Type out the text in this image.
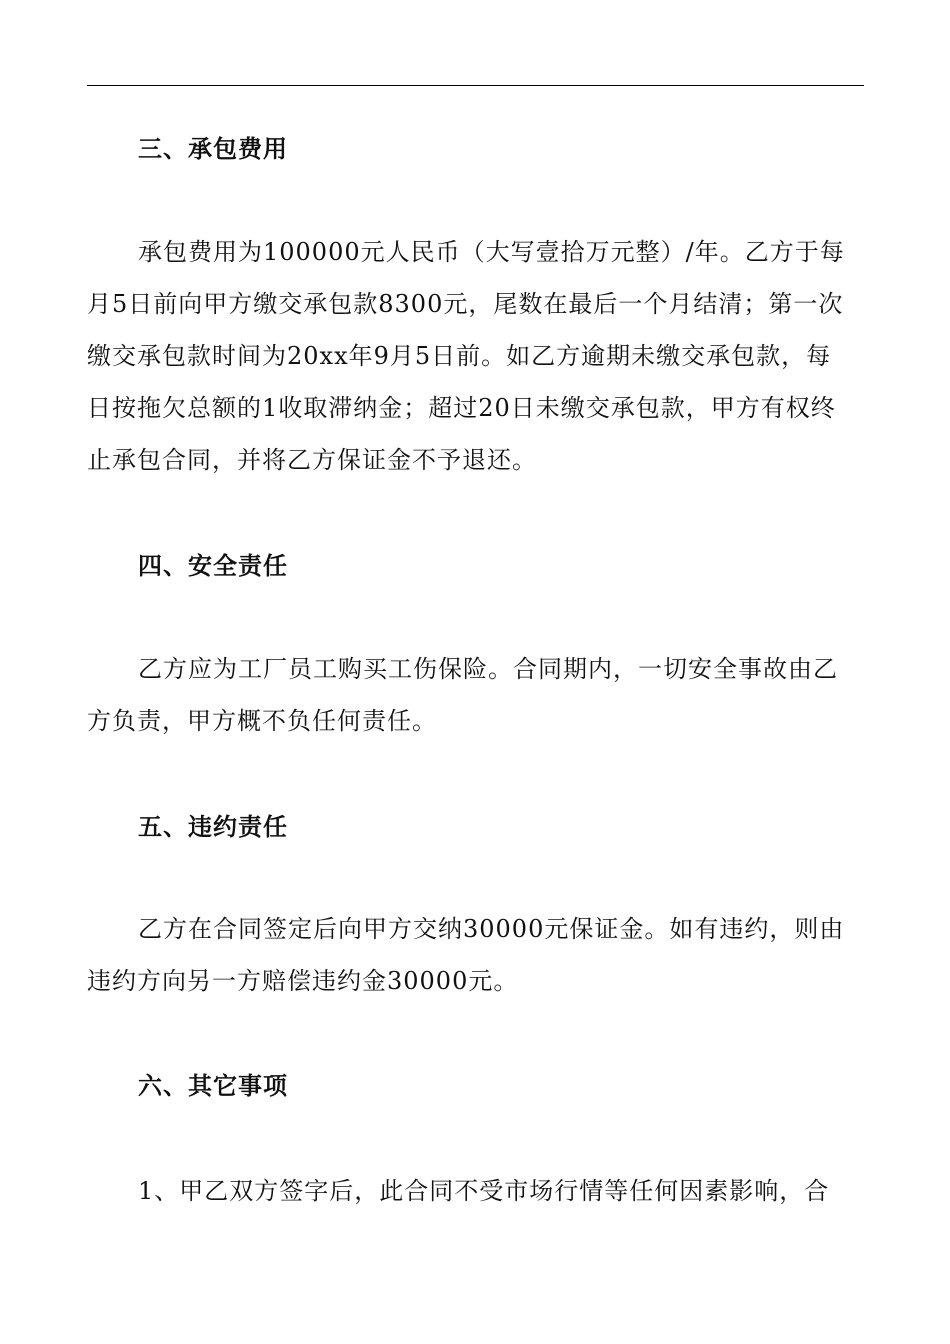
三、承包费用
承包费用为100000元人民币（大写壹拾万元整）/年。乙方于每
月5日前向甲方缴交承包款8300元，尾数在最后一个月结清；第一次
缴交承包款时间为20xx年9月5日前。如乙方逾期未缴交承包款，每
日按拖欠总额的1收取滞纳金；超过20日未缴交承包款，甲方有权终
止承包合同，并将乙方保证金不予退还。
四、安全责任
乙方应为工厂员工购买工伤保险。合同期内，一切安全事故由乙
方负责，甲方概不负任何责任。
五、违约责任
乙方在合同签定后向甲方交纳30000元保证金。如有违约，则由
违约方向另一方赔偿违约金30000元。
六、其它事项
1、甲乙双方签字后，此合同不受市场行情等任何因素影响，合
